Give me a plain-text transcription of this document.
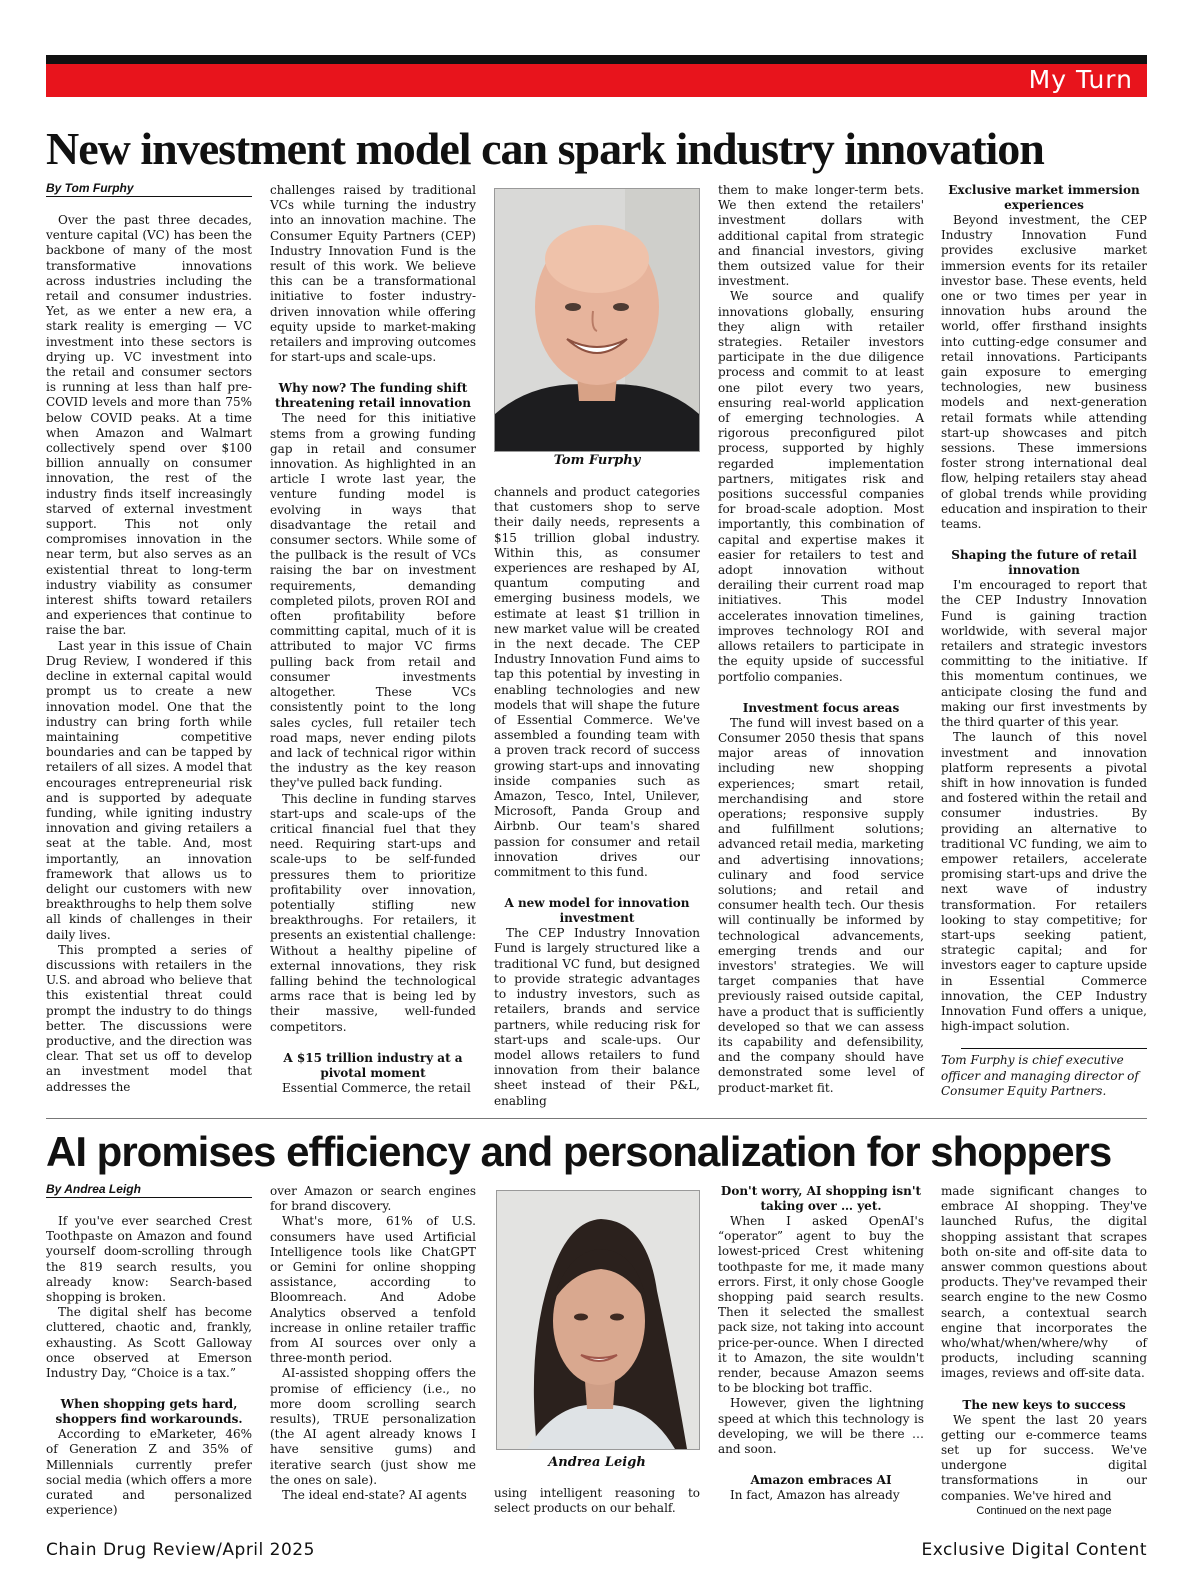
My Turn
New investment model can spark industry innovation
By Tom Furphy

Over the past three decades, venture capital (VC) has been the backbone of many of the most transformative innovations across industries including the retail and consumer industries. Yet, as we enter a new era, a stark reality is emerging — VC investment into these sectors is drying up. VC investment into the retail and consumer sectors is running at less than half pre-COVID levels and more than 75% below COVID peaks. At a time when Amazon and Walmart collectively spend over $100 billion annually on consumer innovation, the rest of the industry finds itself increasingly starved of external investment support. This not only compromises innovation in the near term, but also serves as an existential threat to long-term industry viability as consumer interest shifts toward retailers and experiences that continue to raise the bar.

Last year in this issue of Chain Drug Review, I wondered if this decline in external capital would prompt us to create a new innovation model. One that the industry can bring forth while maintaining competitive boundaries and can be tapped by retailers of all sizes. A model that encourages entrepreneurial risk and is supported by adequate funding, while igniting industry innovation and giving retailers a seat at the table. And, most importantly, an innovation framework that allows us to delight our customers with new breakthroughs to help them solve all kinds of challenges in their daily lives.

This prompted a series of discussions with retailers in the U.S. and abroad who believe that this existential threat could prompt the industry to do things better. The discussions were productive, and the direction was clear. That set us off to develop an investment model that addresses the

challenges raised by traditional VCs while turning the industry into an innovation machine. The Consumer Equity Partners (CEP) Industry Innovation Fund is the result of this work. We believe this can be a transformational initiative to foster industry-driven innovation while offering equity upside to market-making retailers and improving outcomes for start-ups and scale-ups.

Why now? The funding shift threatening retail innovation

The need for this initiative stems from a growing funding gap in retail and consumer innovation. As highlighted in an article I wrote last year, the venture funding model is evolving in ways that disadvantage the retail and consumer sectors. While some of the pullback is the result of VCs raising the bar on investment requirements, demanding completed pilots, proven ROI and often profitability before committing capital, much of it is attributed to major VC firms pulling back from retail and consumer investments altogether. These VCs consistently point to the long sales cycles, full retailer tech road maps, never ending pilots and lack of technical rigor within the industry as the key reason they've pulled back funding.

This decline in funding starves start-ups and scale-ups of the critical financial fuel that they need. Requiring start-ups and scale-ups to be self-funded pressures them to prioritize profitability over innovation, potentially stifling new breakthroughs. For retailers, it presents an existential challenge: Without a healthy pipeline of external innovations, they risk falling behind the technological arms race that is being led by their massive, well-funded competitors.

A $15 trillion industry at a pivotal moment

Essential Commerce, the retail

Tom Furphy

channels and product categories that customers shop to serve their daily needs, represents a $15 trillion global industry. Within this, as consumer experiences are reshaped by AI, quantum computing and emerging business models, we estimate at least $1 trillion in new market value will be created in the next decade. The CEP Industry Innovation Fund aims to tap this potential by investing in enabling technologies and new models that will shape the future of Essential Commerce. We've assembled a founding team with a proven track record of success growing start-ups and innovating inside companies such as Amazon, Tesco, Intel, Unilever, Microsoft, Panda Group and Airbnb. Our team's shared passion for consumer and retail innovation drives our commitment to this fund.

A new model for innovation investment

The CEP Industry Innovation Fund is largely structured like a traditional VC fund, but designed to provide strategic advantages to industry investors, such as retailers, brands and service partners, while reducing risk for start-ups and scale-ups. Our model allows retailers to fund innovation from their balance sheet instead of their P&L, enabling

them to make longer-term bets. We then extend the retailers' investment dollars with additional capital from strategic and financial investors, giving them outsized value for their investment.

We source and qualify innovations globally, ensuring they align with retailer strategies. Retailer investors participate in the due diligence process and commit to at least one pilot every two years, ensuring real-world application of emerging technologies. A rigorous preconfigured pilot process, supported by highly regarded implementation partners, mitigates risk and positions successful companies for broad-scale adoption. Most importantly, this combination of capital and expertise makes it easier for retailers to test and adopt innovation without derailing their current road map initiatives. This model accelerates innovation timelines, improves technology ROI and allows retailers to participate in the equity upside of successful portfolio companies.

Investment focus areas

The fund will invest based on a Consumer 2050 thesis that spans major areas of innovation including new shopping experiences; smart retail, merchandising and store operations; responsive supply and fulfillment solutions; advanced retail media, marketing and advertising innovations; culinary and food service solutions; and retail and consumer health tech. Our thesis will continually be informed by technological advancements, emerging trends and our investors' strategies. We will target companies that have previously raised outside capital, have a product that is sufficiently developed so that we can assess its capability and defensibility, and the company should have demonstrated some level of product-market fit.

Exclusive market immersion experiences

Beyond investment, the CEP Industry Innovation Fund provides exclusive market immersion events for its retailer investor base. These events, held one or two times per year in innovation hubs around the world, offer firsthand insights into cutting-edge consumer and retail innovations. Participants gain exposure to emerging technologies, new business models and next-generation retail formats while attending start-up showcases and pitch sessions. These immersions foster strong international deal flow, helping retailers stay ahead of global trends while providing education and inspiration to their teams.

Shaping the future of retail innovation

I'm encouraged to report that the CEP Industry Innovation Fund is gaining traction worldwide, with several major retailers and strategic investors committing to the initiative. If this momentum continues, we anticipate closing the fund and making our first investments by the third quarter of this year.

The launch of this novel investment and innovation platform represents a pivotal shift in how innovation is funded and fostered within the retail and consumer industries. By providing an alternative to traditional VC funding, we aim to empower retailers, accelerate promising start-ups and drive the next wave of industry transformation. For retailers looking to stay competitive; for start-ups seeking patient, strategic capital; and for investors eager to capture upside in Essential Commerce innovation, the CEP Industry Innovation Fund offers a unique, high-impact solution.

Tom Furphy is chief executive officer and managing director of Consumer Equity Partners.

AI promises efficiency and personalization for shoppers
By Andrea Leigh

If you've ever searched Crest Toothpaste on Amazon and found yourself doom-scrolling through the 819 search results, you already know: Search-based shopping is broken.

The digital shelf has become cluttered, chaotic and, frankly, exhausting. As Scott Galloway once observed at Emerson Industry Day, “Choice is a tax.”

When shopping gets hard, shoppers find workarounds.

According to eMarketer, 46% of Generation Z and 35% of Millennials currently prefer social media (which offers a more curated and personalized experience)

over Amazon or search engines for brand discovery.

What's more, 61% of U.S. consumers have used Artificial Intelligence tools like ChatGPT or Gemini for online shopping assistance, according to Bloomreach. And Adobe Analytics observed a tenfold increase in online retailer traffic from AI sources over only a three-month period.

AI-assisted shopping offers the promise of efficiency (i.e., no more doom scrolling search results), TRUE personalization (the AI agent already knows I have sensitive gums) and iterative search (just show me the ones on sale).

The ideal end-state? AI agents

Andrea Leigh

using intelligent reasoning to select products on our behalf.

Don't worry, AI shopping isn't taking over … yet.

When I asked OpenAI's “operator” agent to buy the lowest-priced Crest whitening toothpaste for me, it made many errors. First, it only chose Google shopping paid search results. Then it selected the smallest pack size, not taking into account price-per-ounce. When I directed it to Amazon, the site wouldn't render, because Amazon seems to be blocking bot traffic.

However, given the lightning speed at which this technology is developing, we will be there … and soon.

Amazon embraces AI

In fact, Amazon has already

made significant changes to embrace AI shopping. They've launched Rufus, the digital shopping assistant that scrapes both on-site and off-site data to answer common questions about products. They've revamped their search engine to the new Cosmo search, a contextual search engine that incorporates the who/what/when/where/why of products, including scanning images, reviews and off-site data.

The new keys to success

We spent the last 20 years getting our e-commerce teams set up for success. We've undergone digital transformations in our companies. We've hired and

Continued on the next page

Chain Drug Review/April 2025	Exclusive Digital Content
